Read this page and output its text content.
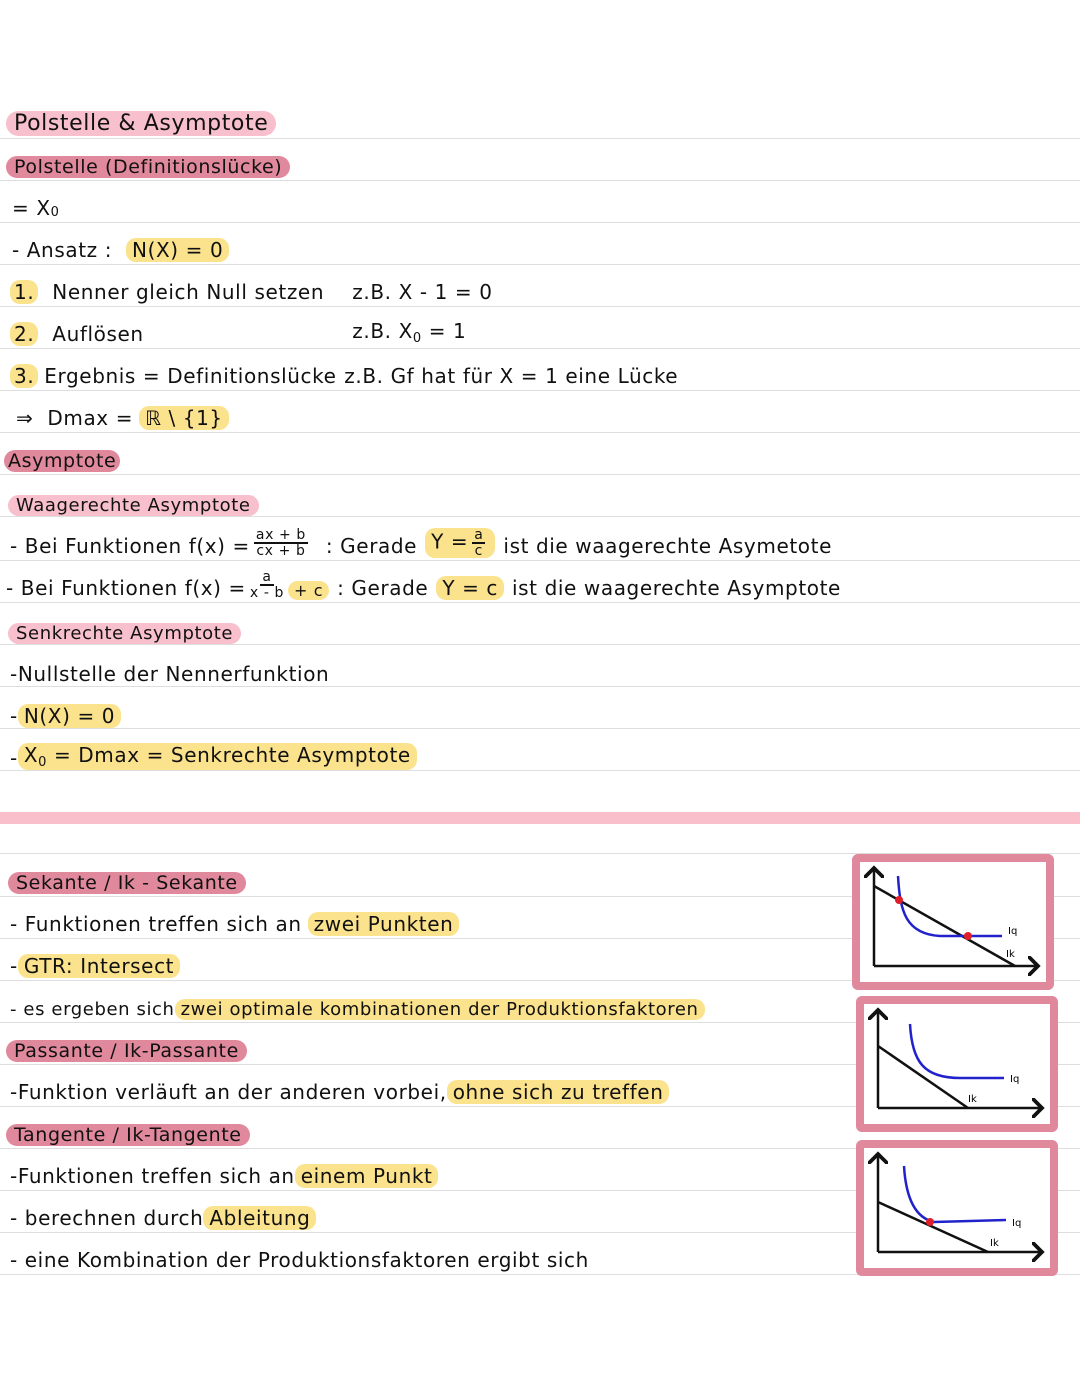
Polstelle & Asymptote
Polstelle (Definitionslücke)
= X 0
- Ansatz :	N(X) = 0
1. Nenner gleich Null setzen	z.B. X - 1 = 0
2. Auflösen	z.B. $X_0 = 1$
3. Ergebnis = Definitionslücke z.B. Gf hat für X = 1 eine Lücke
⇒ Dmax = ℝ \ {1}
Asymptote
Waagerechte Asymptote
- Bei Funktionen $f(x) = \frac{ax + b}{cx + b}$ : Gerade $Y = \frac{a}{c}$ ist die waagerechte Asymetote
- Bei Funktionen $f(x) = \frac{a}{x - b} + c$ : Gerade Y = c ist die waagerechte Asymptote
Senkrechte Asymptote
- Nullstelle der Nennerfunktion
- N(X) = 0
- $X_0 = Dmax$ = Senkrechte Asymptote
Sekante / Ik - Sekante
- Funktionen treffen sich an zwei Punkten
- GTR: Intersect
- es ergeben sich zwei optimale kombinationen der Produktionsfaktoren
Passante / Ik-Passante
-Funktion verläuft an der anderen vorbei, ohne sich zu treffen
Tangente / Ik-Tangente
-Funktionen treffen sich an einem Punkt
- berechnen durch Ableitung
- eine Kombination der Produktionsfaktoren ergibt sich
Iq
Ik
Iq
Ik
Iq
Ik
